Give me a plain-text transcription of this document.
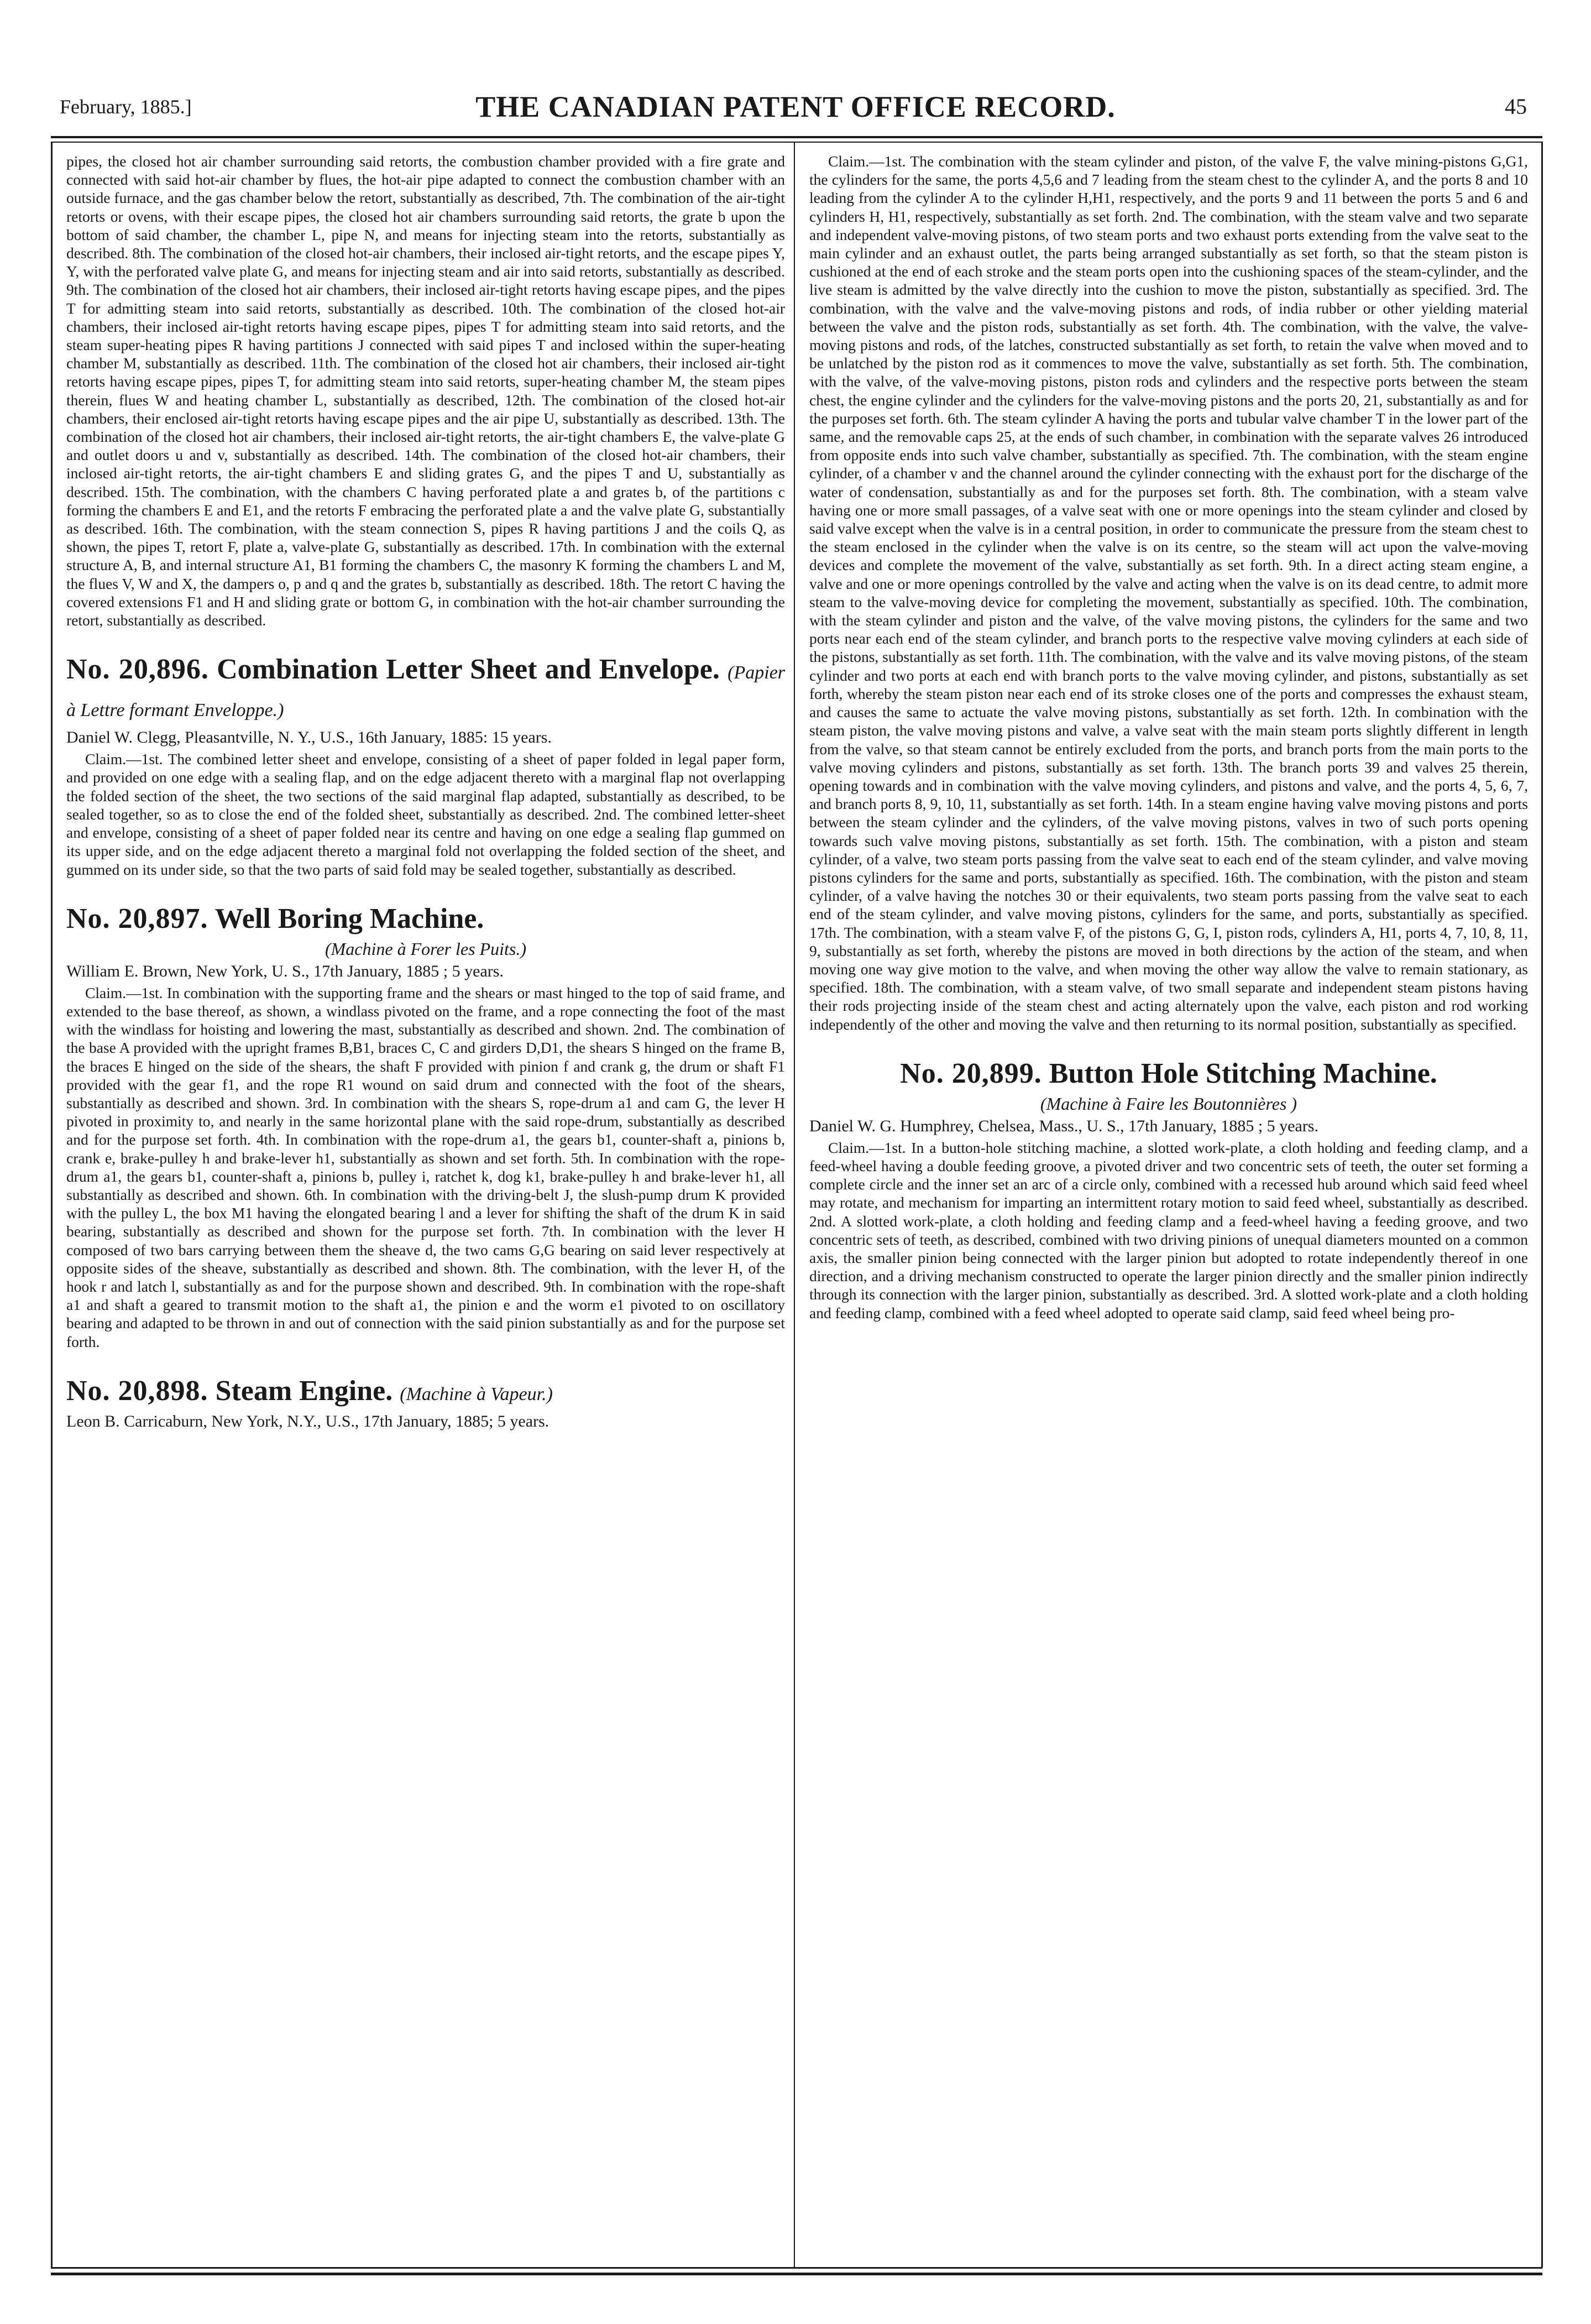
February, 1885.]	THE CANADIAN PATENT OFFICE RECORD.	45

pipes, the closed hot air chamber surrounding said retorts, the combustion chamber provided with a fire grate and connected with said hot-air chamber by flues, the hot-air pipe adapted to connect the combustion chamber with an outside furnace, and the gas chamber below the retort, substantially as described, 7th. The combination of the air-tight retorts or ovens, with their escape pipes, the closed hot air chambers surrounding said retorts, the grate b upon the bottom of said chamber, the chamber L, pipe N, and means for injecting steam into the retorts, substantially as described. 8th. The combination of the closed hot-air chambers, their inclosed air-tight retorts, and the escape pipes Y, Y, with the perforated valve plate G, and means for injecting steam and air into said retorts, substantially as described. 9th. The combination of the closed hot air chambers, their inclosed air-tight retorts having escape pipes, and the pipes T for admitting steam into said retorts, substantially as described. 10th. The combination of the closed hot-air chambers, their inclosed air-tight retorts having escape pipes, pipes T for admitting steam into said retorts, and the steam super-heating pipes R having partitions J connected with said pipes T and inclosed within the super-heating chamber M, substantially as described. 11th. The combination of the closed hot air chambers, their inclosed air-tight retorts having escape pipes, pipes T, for admitting steam into said retorts, super-heating chamber M, the steam pipes therein, flues W and heating chamber L, substantially as described, 12th. The combination of the closed hot-air chambers, their enclosed air-tight retorts having escape pipes and the air pipe U, substantially as described. 13th. The combination of the closed hot air chambers, their inclosed air-tight retorts, the air-tight chambers E, the valve-plate G and outlet doors u and v, substantially as described. 14th. The combination of the closed hot-air chambers, their inclosed air-tight retorts, the air-tight chambers E and sliding grates G, and the pipes T and U, substantially as described. 15th. The combination, with the chambers C having perforated plate a and grates b, of the partitions c forming the chambers E and E1, and the retorts F embracing the perforated plate a and the valve plate G, substantially as described. 16th. The combination, with the steam connection S, pipes R having partitions J and the coils Q, as shown, the pipes T, retort F, plate a, valve-plate G, substantially as described. 17th. In combination with the external structure A, B, and internal structure A1, B1 forming the chambers C, the masonry K forming the chambers L and M, the flues V, W and X, the dampers o, p and q and the grates b, substantially as described. 18th. The retort C having the covered extensions F1 and H and sliding grate or bottom G, in combination with the hot-air chamber surrounding the retort, substantially as described.

No. 20,896. Combination Letter Sheet and Envelope. (Papier à Lettre formant Enveloppe.)

Daniel W. Clegg, Pleasantville, N. Y., U.S., 16th January, 1885: 15 years.

Claim.—1st. The combined letter sheet and envelope, consisting of a sheet of paper folded in legal paper form, and provided on one edge with a sealing flap, and on the edge adjacent thereto with a marginal flap not overlapping the folded section of the sheet, the two sections of the said marginal flap adapted, substantially as described, to be sealed together, so as to close the end of the folded sheet, substantially as described. 2nd. The combined letter-sheet and envelope, consisting of a sheet of paper folded near its centre and having on one edge a sealing flap gummed on its upper side, and on the edge adjacent thereto a marginal fold not overlapping the folded section of the sheet, and gummed on its under side, so that the two parts of said fold may be sealed together, substantially as described.

No. 20,897. Well Boring Machine.

(Machine à Forer les Puits.)

William E. Brown, New York, U. S., 17th January, 1885 ; 5 years.

Claim.—1st. In combination with the supporting frame and the shears or mast hinged to the top of said frame, and extended to the base thereof, as shown, a windlass pivoted on the frame, and a rope connecting the foot of the mast with the windlass for hoisting and lowering the mast, substantially as described and shown. 2nd. The combination of the base A provided with the upright frames B,B1, braces C, C and girders D,D1, the shears S hinged on the frame B, the braces E hinged on the side of the shears, the shaft F provided with pinion f and crank g, the drum or shaft F1 provided with the gear f1, and the rope R1 wound on said drum and connected with the foot of the shears, substantially as described and shown. 3rd. In combination with the shears S, rope-drum a1 and cam G, the lever H pivoted in proximity to, and nearly in the same horizontal plane with the said rope-drum, substantially as described and for the purpose set forth. 4th. In combination with the rope-drum a1, the gears b1, counter-shaft a, pinions b, crank e, brake-pulley h and brake-lever h1, substantially as shown and set forth. 5th. In combination with the rope-drum a1, the gears b1, counter-shaft a, pinions b, pulley i, ratchet k, dog k1, brake-pulley h and brake-lever h1, all substantially as described and shown. 6th. In combination with the driving-belt J, the slush-pump drum K provided with the pulley L, the box M1 having the elongated bearing l and a lever for shifting the shaft of the drum K in said bearing, substantially as described and shown for the purpose set forth. 7th. In combination with the lever H composed of two bars carrying between them the sheave d, the two cams G,G bearing on said lever respectively at opposite sides of the sheave, substantially as described and shown. 8th. The combination, with the lever H, of the hook r and latch l, substantially as and for the purpose shown and described. 9th. In combination with the rope-shaft a1 and shaft a geared to transmit motion to the shaft a1, the pinion e and the worm e1 pivoted to on oscillatory bearing and adapted to be thrown in and out of connection with the said pinion substantially as and for the purpose set forth.

No. 20,898. Steam Engine. (Machine à Vapeur.)

Leon B. Carricaburn, New York, N.Y., U.S., 17th January, 1885; 5 years.

Claim.—1st. The combination with the steam cylinder and piston, of the valve F, the valve mining-pistons G,G1, the cylinders for the same, the ports 4,5,6 and 7 leading from the steam chest to the cylinder A, and the ports 8 and 10 leading from the cylinder A to the cylinder H,H1, respectively, and the ports 9 and 11 between the ports 5 and 6 and cylinders H, H1, respectively, substantially as set forth. 2nd. The combination, with the steam valve and two separate and independent valve-moving pistons, of two steam ports and two exhaust ports extending from the valve seat to the main cylinder and an exhaust outlet, the parts being arranged substantially as set forth, so that the steam piston is cushioned at the end of each stroke and the steam ports open into the cushioning spaces of the steam-cylinder, and the live steam is admitted by the valve directly into the cushion to move the piston, substantially as specified. 3rd. The combination, with the valve and the valve-moving pistons and rods, of india rubber or other yielding material between the valve and the piston rods, substantially as set forth. 4th. The combination, with the valve, the valve-moving pistons and rods, of the latches, constructed substantially as set forth, to retain the valve when moved and to be unlatched by the piston rod as it commences to move the valve, substantially as set forth. 5th. The combination, with the valve, of the valve-moving pistons, piston rods and cylinders and the respective ports between the steam chest, the engine cylinder and the cylinders for the valve-moving pistons and the ports 20, 21, substantially as and for the purposes set forth. 6th. The steam cylinder A having the ports and tubular valve chamber T in the lower part of the same, and the removable caps 25, at the ends of such chamber, in combination with the separate valves 26 introduced from opposite ends into such valve chamber, substantially as specified. 7th. The combination, with the steam engine cylinder, of a chamber v and the channel around the cylinder connecting with the exhaust port for the discharge of the water of condensation, substantially as and for the purposes set forth. 8th. The combination, with a steam valve having one or more small passages, of a valve seat with one or more openings into the steam cylinder and closed by said valve except when the valve is in a central position, in order to communicate the pressure from the steam chest to the steam enclosed in the cylinder when the valve is on its centre, so the steam will act upon the valve-moving devices and complete the movement of the valve, substantially as set forth. 9th. In a direct acting steam engine, a valve and one or more openings controlled by the valve and acting when the valve is on its dead centre, to admit more steam to the valve-moving device for completing the movement, substantially as specified. 10th. The combination, with the steam cylinder and piston and the valve, of the valve moving pistons, the cylinders for the same and two ports near each end of the steam cylinder, and branch ports to the respective valve moving cylinders at each side of the pistons, substantially as set forth. 11th. The combination, with the valve and its valve moving pistons, of the steam cylinder and two ports at each end with branch ports to the valve moving cylinder, and pistons, substantially as set forth, whereby the steam piston near each end of its stroke closes one of the ports and compresses the exhaust steam, and causes the same to actuate the valve moving pistons, substantially as set forth. 12th. In combination with the steam piston, the valve moving pistons and valve, a valve seat with the main steam ports slightly different in length from the valve, so that steam cannot be entirely excluded from the ports, and branch ports from the main ports to the valve moving cylinders and pistons, substantially as set forth. 13th. The branch ports 39 and valves 25 therein, opening towards and in combination with the valve moving cylinders, and pistons and valve, and the ports 4, 5, 6, 7, and branch ports 8, 9, 10, 11, substantially as set forth. 14th. In a steam engine having valve moving pistons and ports between the steam cylinder and the cylinders, of the valve moving pistons, valves in two of such ports opening towards such valve moving pistons, substantially as set forth. 15th. The combination, with a piston and steam cylinder, of a valve, two steam ports passing from the valve seat to each end of the steam cylinder, and valve moving pistons cylinders for the same and ports, substantially as specified. 16th. The combination, with the piston and steam cylinder, of a valve having the notches 30 or their equivalents, two steam ports passing from the valve seat to each end of the steam cylinder, and valve moving pistons, cylinders for the same, and ports, substantially as specified. 17th. The combination, with a steam valve F, of the pistons G, G, I, piston rods, cylinders A, H1, ports 4, 7, 10, 8, 11, 9, substantially as set forth, whereby the pistons are moved in both directions by the action of the steam, and when moving one way give motion to the valve, and when moving the other way allow the valve to remain stationary, as specified. 18th. The combination, with a steam valve, of two small separate and independent steam pistons having their rods projecting inside of the steam chest and acting alternately upon the valve, each piston and rod working independently of the other and moving the valve and then returning to its normal position, substantially as specified.

No. 20,899. Button Hole Stitching Machine.

(Machine à Faire les Boutonnières )

Daniel W. G. Humphrey, Chelsea, Mass., U. S., 17th January, 1885 ; 5 years.

Claim.—1st. In a button-hole stitching machine, a slotted work-plate, a cloth holding and feeding clamp, and a feed-wheel having a double feeding groove, a pivoted driver and two concentric sets of teeth, the outer set forming a complete circle and the inner set an arc of a circle only, combined with a recessed hub around which said feed wheel may rotate, and mechanism for imparting an intermittent rotary motion to said feed wheel, substantially as described. 2nd. A slotted work-plate, a cloth holding and feeding clamp and a feed-wheel having a feeding groove, and two concentric sets of teeth, as described, combined with two driving pinions of unequal diameters mounted on a common axis, the smaller pinion being connected with the larger pinion but adopted to rotate independently thereof in one direction, and a driving mechanism constructed to operate the larger pinion directly and the smaller pinion indirectly through its connection with the larger pinion, substantially as described. 3rd. A slotted work-plate and a cloth holding and feeding clamp, combined with a feed wheel adopted to operate said clamp, said feed wheel being pro-
